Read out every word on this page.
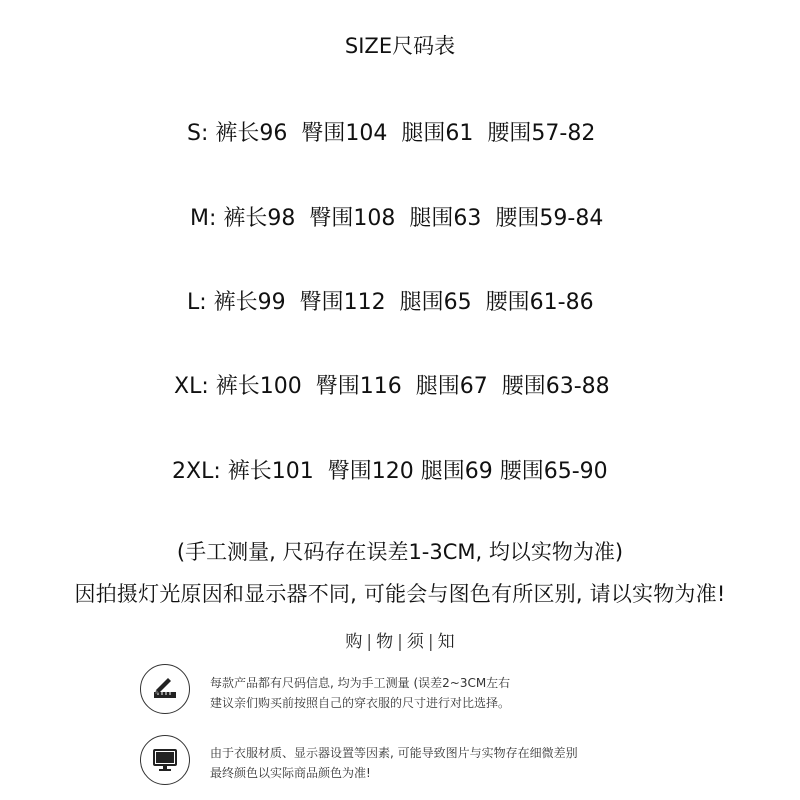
SIZE尺码表
S: 裤长96 臀围104 腿围61 腰围57-82
M: 裤长98 臀围108 腿围63 腰围59-84
L: 裤长99 臀围112 腿围65 腰围61-86
XL: 裤长100 臀围116 腿围67 腰围63-88
2XL: 裤长101 臀围120 腿围69 腰围65-90
(手工测量, 尺码存在误差1-3CM, 均以实物为准)
因拍摄灯光原因和显示器不同, 可能会与图色有所区别, 请以实物为准!
购 | 物 | 须 | 知
每款产品都有尺码信息, 均为手工测量 (误差2~3CM左右
建议亲们购买前按照自己的穿衣服的尺寸进行对比选择。
由于衣服材质、显示器设置等因素, 可能导致图片与实物存在细微差别
最终颜色以实际商品颜色为准!
